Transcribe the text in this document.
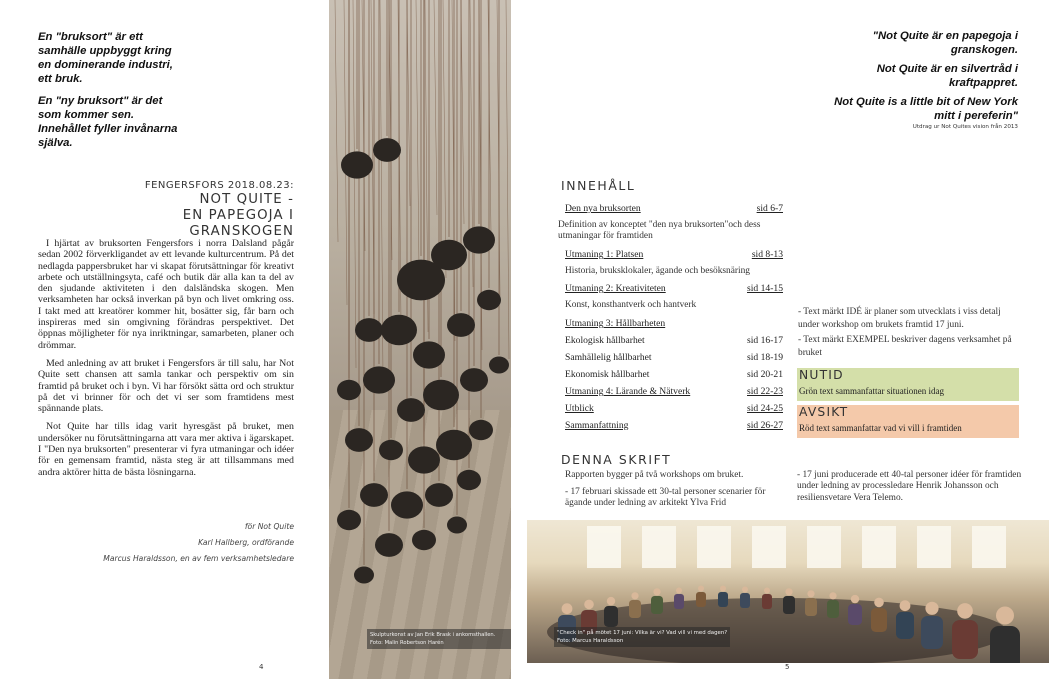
En "bruksort" är ett samhälle uppbyggt kring en dominerande industri, ett bruk.

En "ny bruksort" är det som kommer sen. Innehållet fyller invånarna själva.

FENGERSFORS 2018.08.23:
NOT QUITE -
EN PAPEGOJA I GRANSKOGEN

I hjärtat av bruksorten Fengersfors i norra Dalsland pågår sedan 2002 förverkligandet av ett levande kulturcentrum. På det nedlagda pappersbruket har vi skapat förutsättningar för kreativt arbete och utställningsyta, café och butik där alla kan ta del av den sjudande aktiviteten i den dalsländska skogen. Men verksamheten har också inverkan på byn och livet omkring oss. I takt med att kreatörer kommer hit, bosätter sig, får barn och inspireras med sin omgivning förändras perspektivet. Det öppnas möjligheter för nya inriktningar, samarbeten, planer och drömmar.

Med anledning av att bruket i Fengersfors är till salu, har Not Quite sett chansen att samla tankar och perspektiv om sin framtid på bruket och i byn. Vi har försökt sätta ord och struktur på det vi brinner för och det vi ser som framtidens mest spännande plats.

Not Quite har tills idag varit hyresgäst på bruket, men undersöker nu förutsättningarna att vara mer aktiva i ägarskapet. I "Den nya bruksorten" presenterar vi fyra utmaningar och idéer för en gemensam framtid, nästa steg är att tillsammans med andra aktörer hitta de bästa lösningarna.

för Not Quite
Karl Hallberg, ordförande
Marcus Haraldsson, en av fem verksamhetsledare
4
Skulpturkonst av Jan Erik Brask i ankomsthallen.
Foto: Malin Robertson Harén

"Not Quite är en papegoja i granskogen.

Not Quite är en silvertråd i kraftpappret.

Not Quite is a little bit of New York mitt i pereferin"

Utdrag ur Not Quites vision från 2013
INNEHÅLL
Den nya bruksorten	sid 6-7
Definition av konceptet "den nya bruksorten"och dess utmaningar för framtiden
Utmaning 1: Platsen	sid 8-13
Historia, bruksklokaler, ägande och besöksnäring
Utmaning 2: Kreativiteten	sid 14-15
Konst, konsthantverk och hantverk
Utmaning 3: Hållbarheten
Ekologisk hållbarhet	sid 16-17
Samhällelig hållbarhet	sid 18-19
Ekonomisk hållbarhet	sid 20-21
Utmaning 4: Lärande & Nätverk	sid 22-23
Utblick	sid 24-25
Sammanfattning	sid 26-27
- Text märkt IDÉ är planer som utvecklats i viss detalj under workshop om brukets framtid 17 juni.
- Text märkt EXEMPEL beskriver dagens verksamhet på bruket
NUTID
Grön text sammanfattar situationen idag
AVSIKT
Röd text sammanfattar vad vi vill i framtiden
DENNA SKRIFT
Rapporten bygger på två workshops om bruket.
- 17 februari skissade ett 30-tal personer scenarier för ägande under ledning av arkitekt Ylva Frid
- 17 juni producerade ett 40-tal personer idéer för framtiden under ledning av processledare Henrik Johansson och resiliensvetare Vera Telemo.
"Check in" på mötet 17 juni: Vilka är vi? Vad vill vi med dagen?
Foto: Marcus Haraldsson
5
